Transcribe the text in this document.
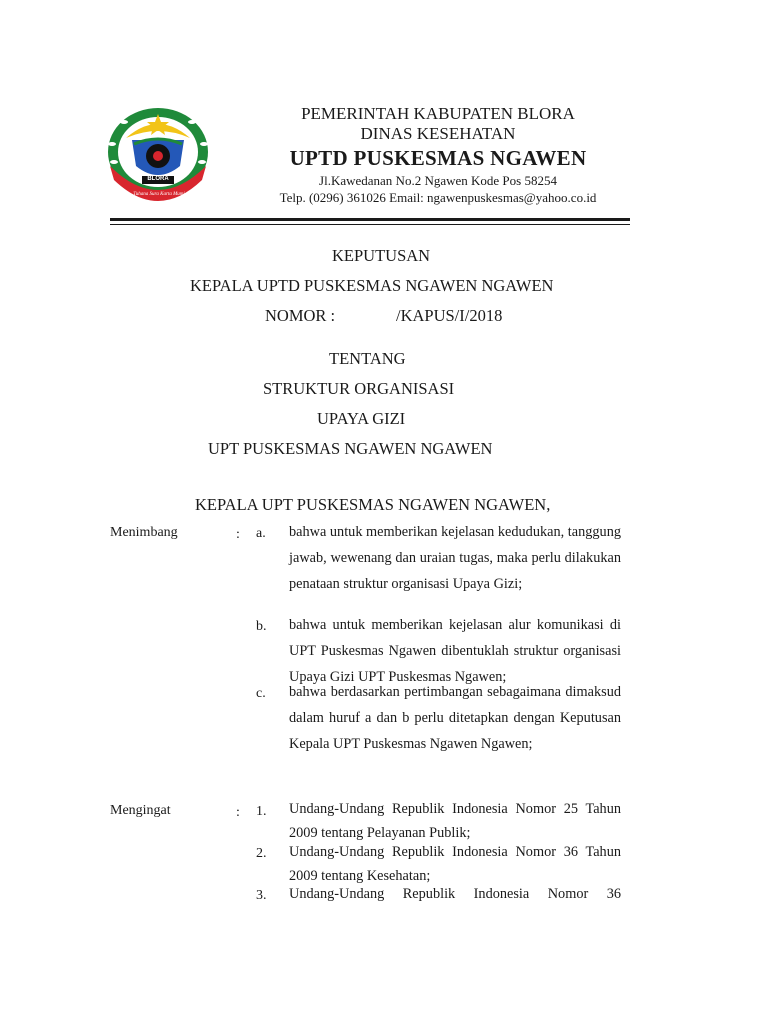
BLORA
Tuhana Sura Karta Mumi
PEMERINTAH KABUPATEN BLORA
DINAS KESEHATAN
UPTD PUSKESMAS NGAWEN
Jl.Kawedanan No.2 Ngawen Kode Pos 58254
Telp. (0296) 361026 Email: ngawenpuskesmas@yahoo.co.id
KEPUTUSAN
KEPALA UPTD PUSKESMAS NGAWEN NGAWEN
NOMOR :	/KAPUS/I/2018
TENTANG
STRUKTUR ORGANISASI
UPAYA GIZI
UPT PUSKESMAS NGAWEN NGAWEN
KEPALA UPT PUSKESMAS NGAWEN NGAWEN,
Menimbang	: a. bahwa untuk memberikan kejelasan kedudukan, tanggung jawab, wewenang dan uraian tugas, maka perlu dilakukan penataan struktur organisasi Upaya Gizi;
b. bahwa untuk memberikan kejelasan alur komunikasi di UPT Puskesmas Ngawen dibentuklah struktur organisasi Upaya Gizi UPT Puskesmas Ngawen;
c. bahwa berdasarkan pertimbangan sebagaimana dimaksud dalam huruf a dan b perlu ditetapkan dengan Keputusan Kepala UPT Puskesmas Ngawen Ngawen;
Mengingat	: 1. Undang-Undang Republik Indonesia Nomor 25 Tahun 2009 tentang Pelayanan Publik;
2. Undang-Undang Republik Indonesia Nomor 36 Tahun 2009 tentang Kesehatan;
3. Undang-Undang Republik Indonesia Nomor 36
